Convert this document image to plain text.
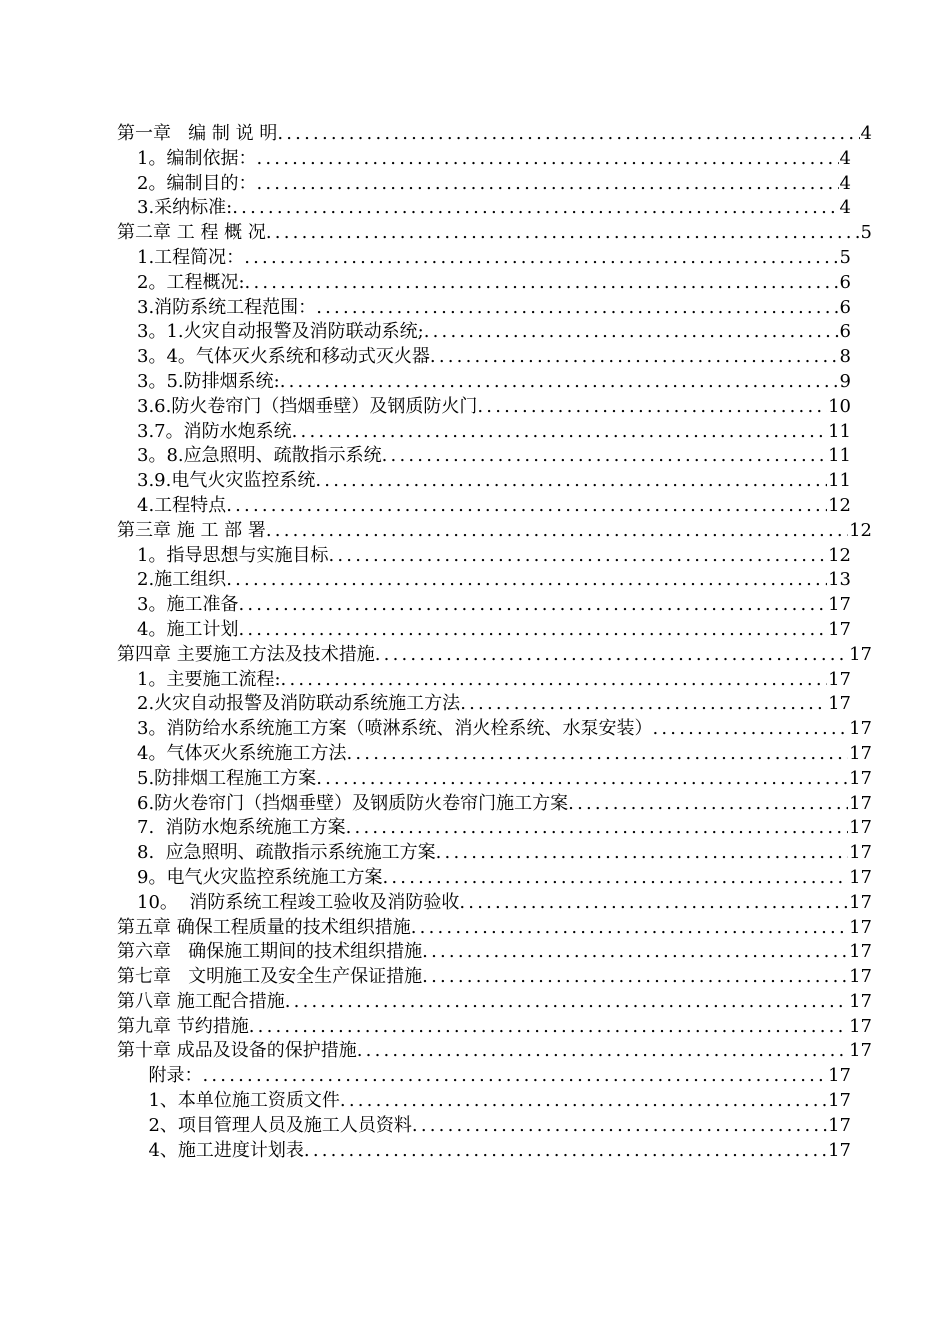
第一章   编 制 说 明 .....	4
1。编制依据： .....	4
2。编制目的： .....	4
3.采纳标准: .....	4
第二章 工 程 概 况 .....	5
1.工程简况： .....	5
2。工程概况: .....	6
3.消防系统工程范围： .....	6
3。1.火灾自动报警及消防联动系统; .....	6
3。4。气体灭火系统和移动式灭火器 .....	8
3。5.防排烟系统: .....	9
3.6.防火卷帘门（挡烟垂壁）及钢质防火门 .....	10
3.7。消防水炮系统 .....	11
3。8.应急照明、疏散指示系统 .....	11
3.9.电气火灾监控系统 .....	11
4.工程特点 .....	12
第三章 施 工 部 署 .....	12
1。指导思想与实施目标 .....	12
2.施工组织 .....	13
3。施工准备 .....	17
4。施工计划 .....	17
第四章 主要施工方法及技术措施 .....	17
1。主要施工流程: .....	17
2.火灾自动报警及消防联动系统施工方法 .....	17
3。消防给水系统施工方案（喷淋系统、消火栓系统、水泵安装） .....	17
4。气体灭火系统施工方法 .....	17
5.防排烟工程施工方案 .....	17
6.防火卷帘门（挡烟垂壁）及钢质防火卷帘门施工方案 .....	17
7.  消防水炮系统施工方案 .....	17
8.  应急照明、疏散指示系统施工方案 .....	17
9。电气火灾监控系统施工方案 .....	17
10。  消防系统工程竣工验收及消防验收 .....	17
第五章 确保工程质量的技术组织措施 .....	17
第六章   确保施工期间的技术组织措施 .....	17
第七章   文明施工及安全生产保证措施 .....	17
第八章 施工配合措施 .....	17
第九章 节约措施 .....	17
第十章 成品及设备的保护措施 .....	17
附录： .....	17
1、本单位施工资质文件 .....	17
2、项目管理人员及施工人员资料 .....	17
4、施工进度计划表 .....	17
